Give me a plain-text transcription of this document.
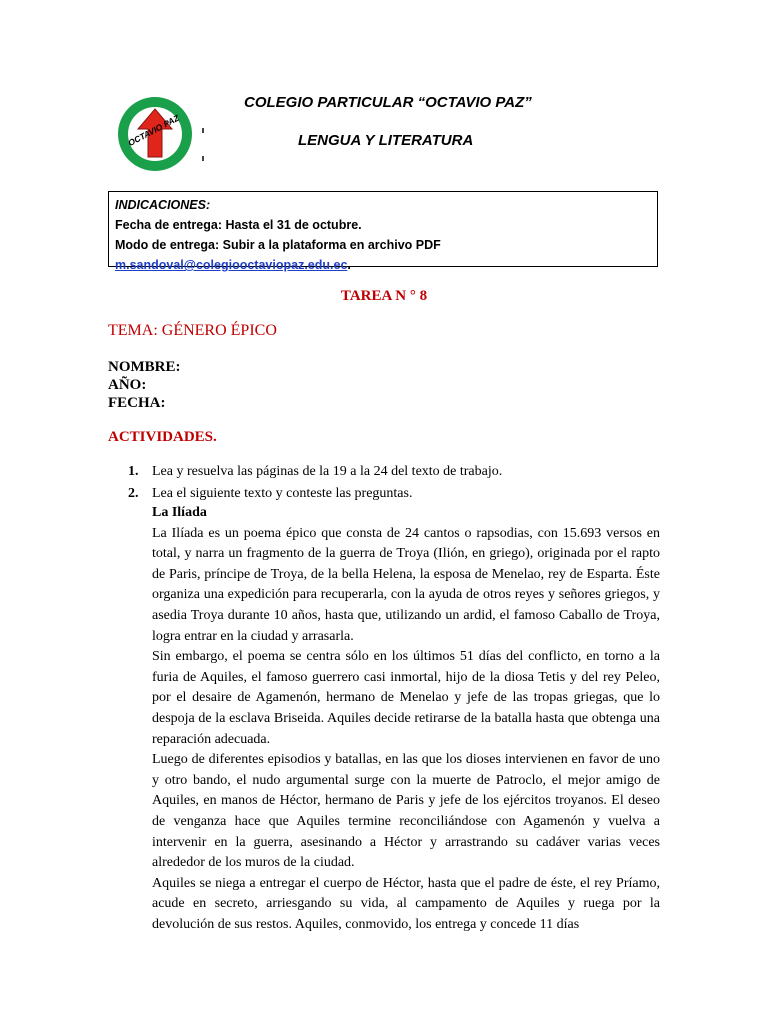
OCTAVIO PAZ
COLEGIO PARTICULAR “OCTAVIO PAZ”
LENGUA Y LITERATURA
INDICACIONES:
Fecha de entrega: Hasta el 31 de octubre.
Modo de entrega: Subir a la plataforma en archivo PDF
m.sandoval@colegiooctaviopaz.edu.ec.
TAREA N ° 8
TEMA: GÉNERO ÉPICO
NOMBRE:
AÑO:
FECHA:
ACTIVIDADES.
1. Lea y resuelva las páginas de la 19 a la 24 del texto de trabajo.
2. Lea el siguiente texto y conteste las preguntas.
La Ilíada

La Ilíada es un poema épico que consta de 24 cantos o rapsodias, con 15.693 versos en total, y narra un fragmento de la guerra de Troya (Ilión, en griego), originada por el rapto de Paris, príncipe de Troya, de la bella Helena, la esposa de Menelao, rey de Esparta. Éste organiza una expedición para recuperarla, con la ayuda de otros reyes y señores griegos, y asedia Troya durante 10 años, hasta que, utilizando un ardid, el famoso Caballo de Troya, logra entrar en la ciudad y arrasarla.

Sin embargo, el poema se centra sólo en los últimos 51 días del conflicto, en torno a la furia de Aquiles, el famoso guerrero casi inmortal, hijo de la diosa Tetis y del rey Peleo, por el desaire de Agamenón, hermano de Menelao y jefe de las tropas griegas, que lo despoja de la esclava Briseida. Aquiles decide retirarse de la batalla hasta que obtenga una reparación adecuada.

Luego de diferentes episodios y batallas, en las que los dioses intervienen en favor de uno y otro bando, el nudo argumental surge con la muerte de Patroclo, el mejor amigo de Aquiles, en manos de Héctor, hermano de Paris y jefe de los ejércitos troyanos. El deseo de venganza hace que Aquiles termine reconciliándose con Agamenón y vuelva a intervenir en la guerra, asesinando a Héctor y arrastrando su cadáver varias veces alrededor de los muros de la ciudad.

Aquiles se niega a entregar el cuerpo de Héctor, hasta que el padre de éste, el rey Príamo, acude en secreto, arriesgando su vida, al campamento de Aquiles y ruega por la devolución de sus restos. Aquiles, conmovido, los entrega y concede 11 días
